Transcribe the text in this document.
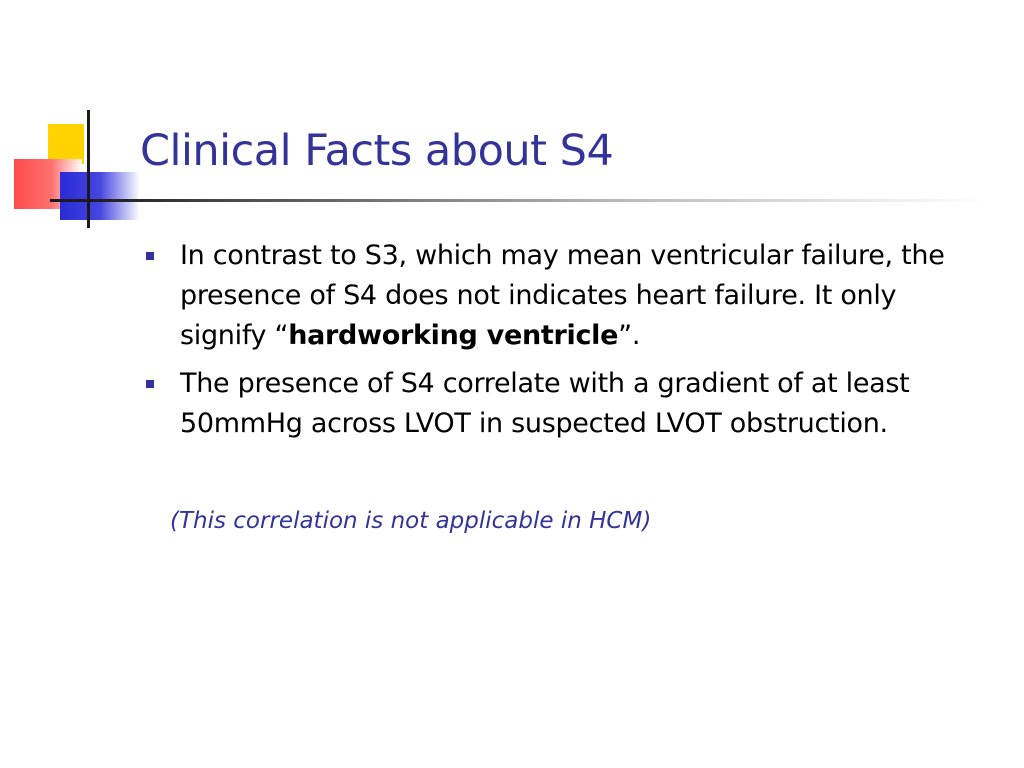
Clinical Facts about S4
In contrast to S3, which may mean ventricular failure, the presence of S4 does not indicates heart failure. It only signify “hardworking ventricle”.
The presence of S4 correlate with a gradient of at least 50mmHg across LVOT in suspected LVOT obstruction.
(This correlation is not applicable in HCM)
